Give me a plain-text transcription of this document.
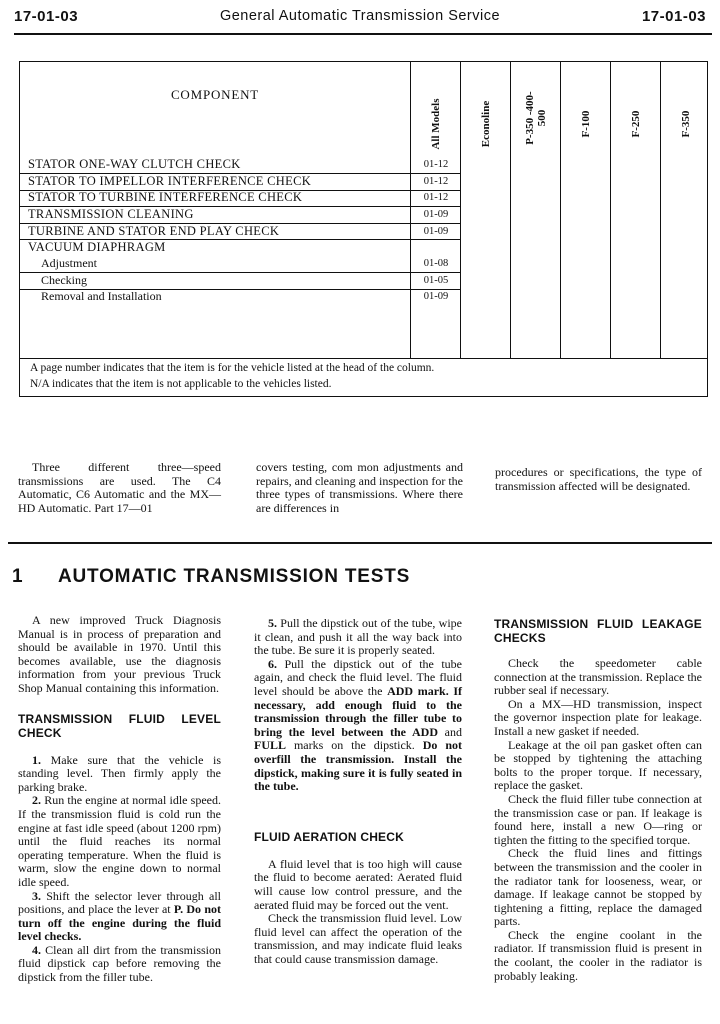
17-01-03	General Automatic Transmission Service	17-01-03
COMPONENT
All Models	Econoline	P-350 -400-500	F-100	F-250	F-350
STATOR ONE-WAY CLUTCH CHECK	01-12
STATOR TO IMPELLOR INTERFERENCE CHECK	01-12
STATOR TO TURBINE INTERFERENCE CHECK	01-12
TRANSMISSION CLEANING	01-09
TURBINE AND STATOR END PLAY CHECK	01-09
VACUUM DIAPHRAGM
Adjustment	01-08
Checking	01-05
Removal and Installation	01-09
A page number indicates that the item is for the vehicle listed at the head of the column.
N/A indicates that the item is not applicable to the vehicles listed.

Three different three—speed transmissions are used. The C4 Automatic, C6 Automatic and the MX—HD Automatic. Part 17—01

covers testing, com mon adjustments and repairs, and cleaning and inspection for the three types of transmissions. Where there are differences in

procedures or specifications, the type of transmission affected will be designated.

1 AUTOMATIC TRANSMISSION TESTS

A new improved Truck Diagnosis Manual is in process of preparation and should be available in 1970. Until this becomes available, use the diagnosis information from your previous Truck Shop Manual containing this information.

TRANSMISSION FLUID LEVEL CHECK

1. Make sure that the vehicle is standing level. Then firmly apply the parking brake.

2. Run the engine at normal idle speed. If the transmission fluid is cold run the engine at fast idle speed (about 1200 rpm) until the fluid reaches its normal operating temperature. When the fluid is warm, slow the engine down to normal idle speed.

3. Shift the selector lever through all positions, and place the lever at P. Do not turn off the engine during the fluid level checks.

4. Clean all dirt from the transmission fluid dipstick cap before removing the dipstick from the filler tube.

5. Pull the dipstick out of the tube, wipe it clean, and push it all the way back into the tube. Be sure it is properly seated.

6. Pull the dipstick out of the tube again, and check the fluid level. The fluid level should be above the ADD mark. If necessary, add enough fluid to the transmission through the filler tube to bring the level between the ADD and FULL marks on the dipstick. Do not overfill the transmission. Install the dipstick, making sure it is fully seated in the tube.

FLUID AERATION CHECK

A fluid level that is too high will cause the fluid to become aerated: Aerated fluid will cause low control pressure, and the aerated fluid may be forced out the vent.

Check the transmission fluid level. Low fluid level can affect the operation of the transmission, and may indicate fluid leaks that could cause transmission damage.

TRANSMISSION FLUID LEAKAGE CHECKS

Check the speedometer cable connection at the transmission. Replace the rubber seal if necessary.

On a MX—HD transmission, inspect the governor inspection plate for leakage. Install a new gasket if needed.

Leakage at the oil pan gasket often can be stopped by tightening the attaching bolts to the proper torque. If necessary, replace the gasket.

Check the fluid filler tube connection at the transmission case or pan. If leakage is found here, install a new O—ring or tighten the fitting to the specified torque.

Check the fluid lines and fittings between the transmission and the cooler in the radiator tank for looseness, wear, or damage. If leakage cannot be stopped by tightening a fitting, replace the damaged parts.

Check the engine coolant in the radiator. If transmission fluid is present in the coolant, the cooler in the radiator is probably leaking.
